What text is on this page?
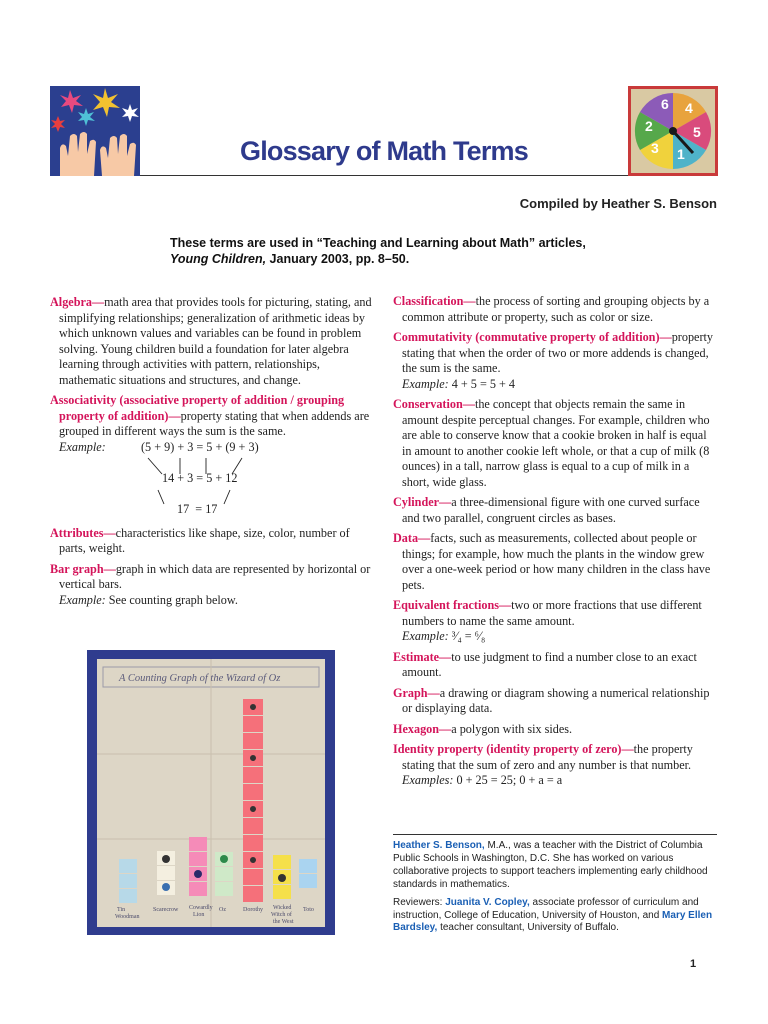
4
5
1
3
2
6
Glossary of Math Terms
Compiled by Heather S. Benson
These terms are used in “Teaching and Learning about Math” articles,
Young Children, January 2003, pp. 8–50.

Algebra—math area that provides tools for picturing, stating, and simplifying relationships; generalization of arithmetic ideas by which unknown values and variables can be found in problem solving. Young children build a foundation for later algebra learning through activities with pattern, relationships, mathematic situations and structures, and change.

Associativity (associative property of addition / grouping property of addition)—property stating that when addends are grouped in different ways the sum is the same.

Example:	(5 + 9) + 3 = 5 + (9 + 3)
14 + 3 = 5 + 12
17  = 17

Attributes—characteristics like shape, size, color, number of parts, weight.

Bar graph—graph in which data are represented by horizontal or vertical bars.
Example: See counting graph below.

Tin
Woodman
Scarecrow Cowardly
Lion
Oz	Dorothy Wicked
Witch of
the West
Toto
A Counting Graph of the Wizard of Oz

Classification—the process of sorting and grouping objects by a common attribute or property, such as color or size.

Commutativity (commutative property of addition)—property stating that when the order of two or more addends is changed, the sum is the same.
Example: 4 + 5 = 5 + 4

Conservation—the concept that objects remain the same in amount despite perceptual changes. For example, children who are able to conserve know that a cookie broken in half is equal in amount to another cookie left whole, or that a cup of milk (8 ounces) in a tall, narrow glass is equal to a cup of milk in a short, wide glass.

Cylinder—a three-dimensional figure with one curved surface and two parallel, congruent circles as bases.

Data—facts, such as measurements, collected about people or things; for example, how much the plants in the window grew over a one-week period or how many children in the class have pets.

Equivalent fractions—two or more fractions that use different numbers to name the same amount.
Example: ³⁄₄ = ⁶⁄₈

Estimate—to use judgment to find a number close to an exact amount.

Graph—a drawing or diagram showing a numerical relationship or displaying data.

Hexagon—a polygon with six sides.

Identity property (identity property of zero)—the property stating that the sum of zero and any number is that number.
Examples: 0 + 25 = 25; 0 + a = a

Heather S. Benson, M.A., was a teacher with the District of Columbia Public Schools in Washington, D.C. She has worked on various collaborative projects to support teachers implementing early childhood standards in mathematics.

Reviewers: Juanita V. Copley, associate professor of curriculum and instruction, College of Education, University of Houston, and Mary Ellen Bardsley, teacher consultant, University of Buffalo.

1
